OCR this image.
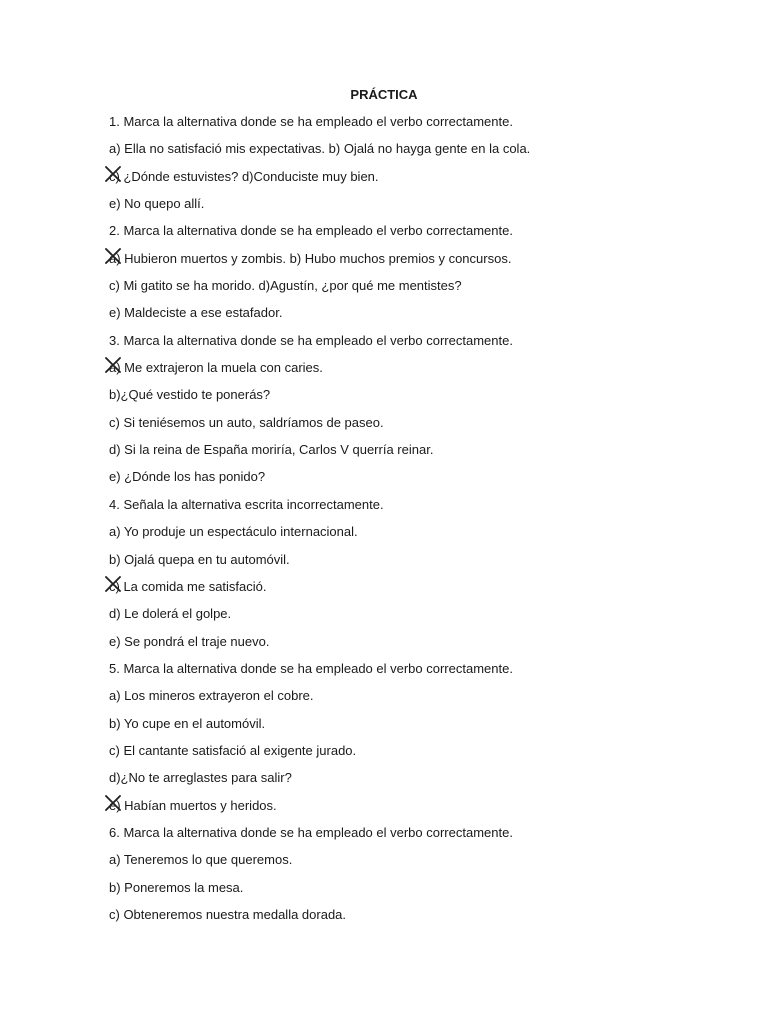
PRÁCTICA
1. Marca la alternativa donde se ha empleado el verbo correctamente.
a) Ella no satisfació mis expectativas. b) Ojalá no hayga gente en la cola.
c) ¿Dónde estuvistes? d)Conduciste muy bien.
e) No quepo allí.
2. Marca la alternativa donde se ha empleado el verbo correctamente.
a) Hubieron muertos y zombis. b) Hubo muchos premios y concursos.
c) Mi gatito se ha morido. d)Agustín, ¿por qué me mentistes?
e) Maldeciste a ese estafador.
3. Marca la alternativa donde se ha empleado el verbo correctamente.
a) Me extrajeron la muela con caries.
b)¿Qué vestido te ponerás?
c) Si teniésemos un auto, saldríamos de paseo.
d) Si la reina de España moriría, Carlos V querría reinar.
e) ¿Dónde los has ponido?
4. Señala la alternativa escrita incorrectamente.
a) Yo produje un espectáculo internacional.
b) Ojalá quepa en tu automóvil.
c) La comida me satisfació.
d) Le dolerá el golpe.
e) Se pondrá el traje nuevo.
5. Marca la alternativa donde se ha empleado el verbo correctamente.
a) Los mineros extrayeron el cobre.
b) Yo cupe en el automóvil.
c) El cantante satisfació al exigente jurado.
d)¿No te arreglastes para salir?
e) Habían muertos y heridos.
6. Marca la alternativa donde se ha empleado el verbo correctamente.
a) Teneremos lo que queremos.
b) Poneremos la mesa.
c) Obteneremos nuestra medalla dorada.
